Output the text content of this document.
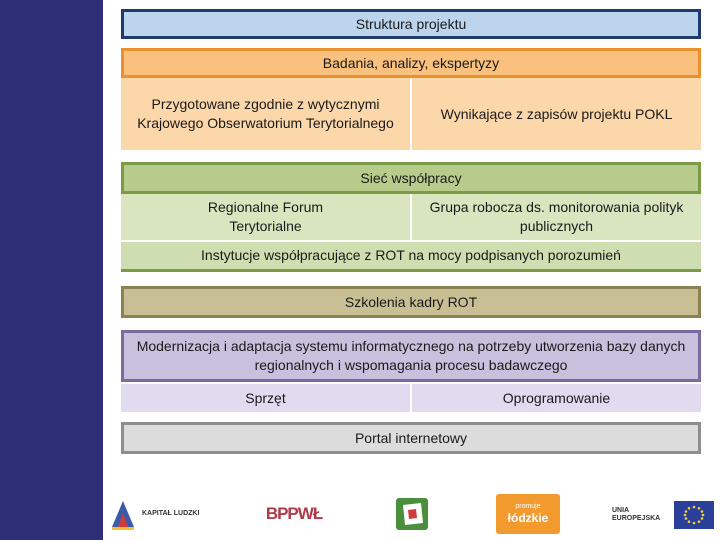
Struktura projektu
Badania, analizy, ekspertyzy
Przygotowane zgodnie z wytycznymi Krajowego Obserwatorium Terytorialnego
Wynikające z zapisów projektu POKL
Sieć współpracy
Regionalne Forum Terytorialne
Grupa robocza ds. monitorowania polityk publicznych
Instytucje współpracujące z ROT na mocy podpisanych porozumień
Szkolenia kadry ROT
Modernizacja i adaptacja systemu informatycznego na potrzeby utworzenia bazy danych regionalnych i wspomagania procesu badawczego
Sprzęt	Oprogramowanie
Portal internetowy
KAPITAŁ LUDZKI	BPPWŁ	promuje
łódzkie
UNIA EUROPEJSKA
